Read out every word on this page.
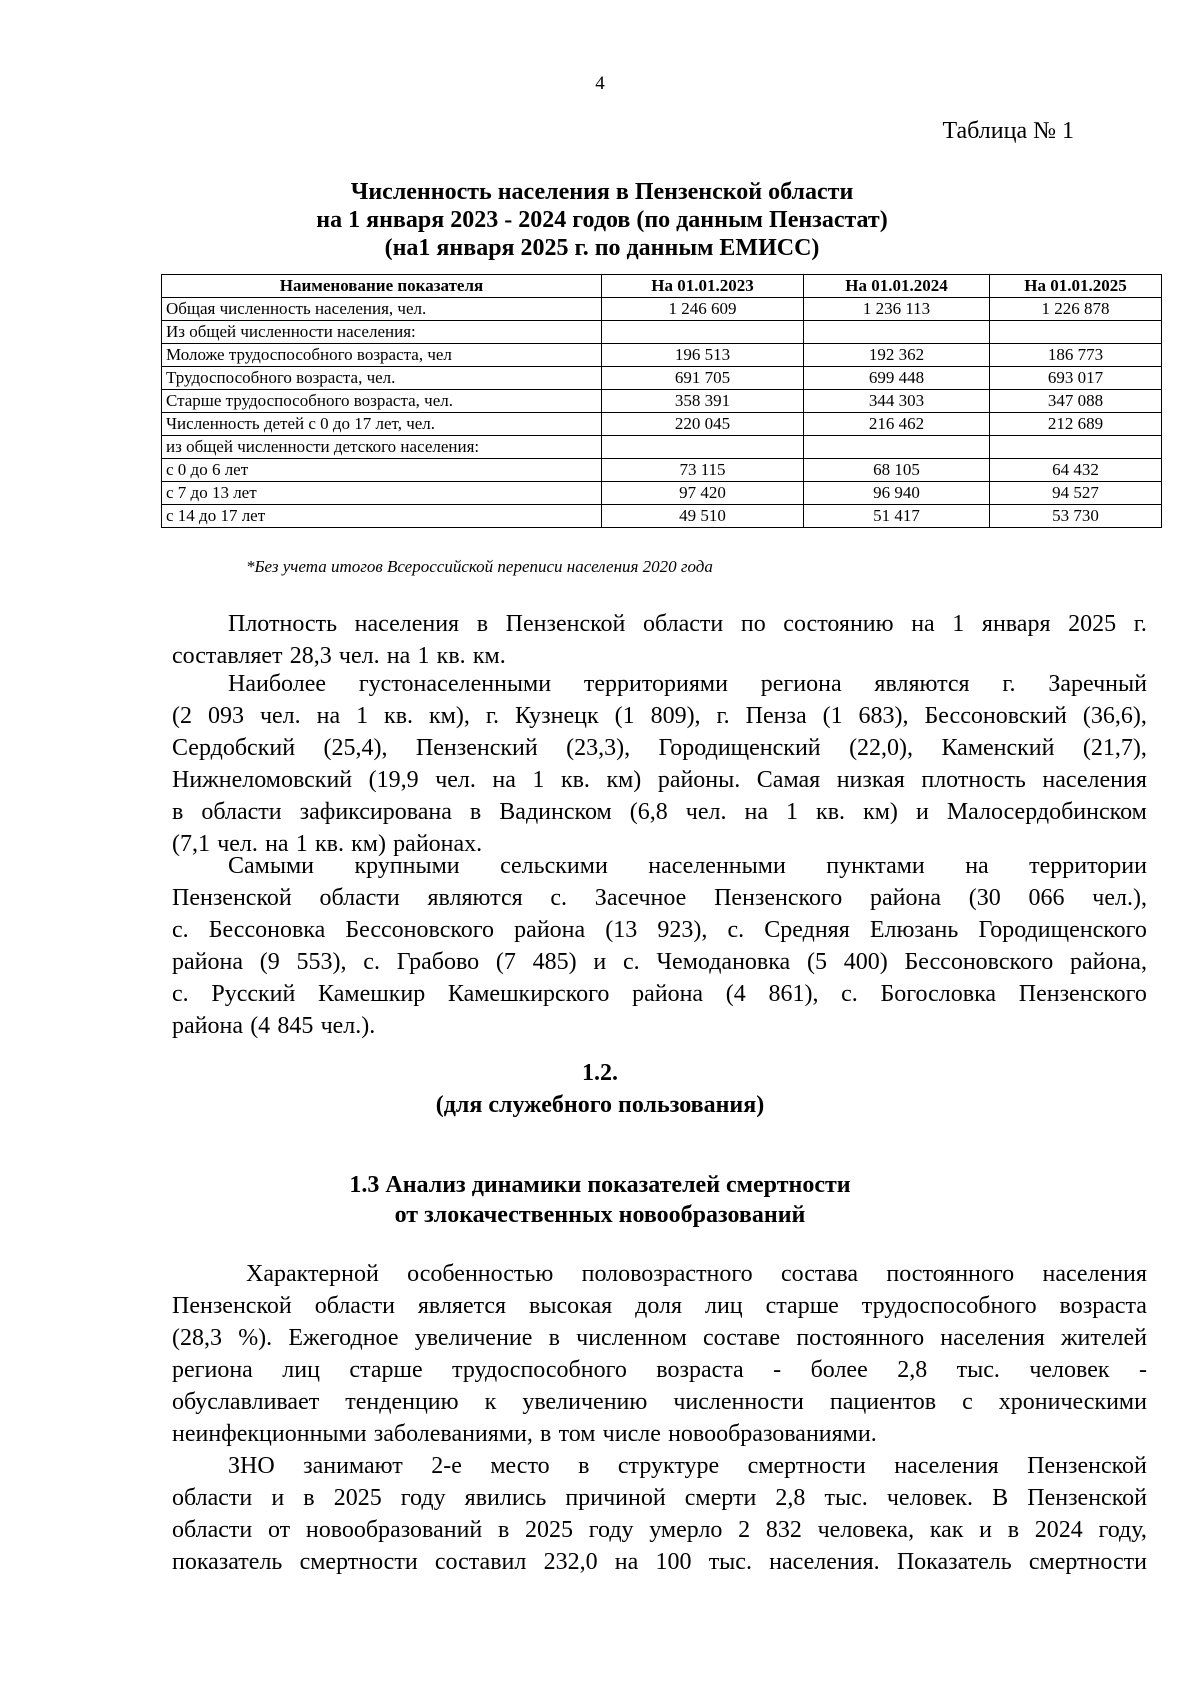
4
Таблица № 1
Численность населения в Пензенской области
на 1 января 2023 - 2024 годов (по данным Пензастат)
(на1 января 2025 г. по данным ЕМИСС)
Наименование показателя	На 01.01.2023	На 01.01.2024	На 01.01.2025
Общая численность населения, чел.	1 246 609	1 236 113	1 226 878
Из общей численности населения:			
Моложе трудоспособного возраста, чел	196 513	192 362	186 773
Трудоспособного возраста, чел.	691 705	699 448	693 017
Старше трудоспособного возраста, чел.	358 391	344 303	347 088
Численность детей с 0 до 17 лет, чел.	220 045	216 462	212 689
из общей численности детского населения:			
с 0 до 6 лет	73 115	68 105	64 432
с 7 до 13 лет	97 420	96 940	94 527
с 14 до 17 лет	49 510	51 417	53 730
*Без учета итогов Всероссийской переписи населения 2020 года
Плотность населения в Пензенской области по состоянию на 1 января 2025 г.
составляет 28,3 чел. на 1 кв. км.
Наиболее густонаселенными территориями региона являются г. Заречный
(2 093 чел. на 1 кв. км), г. Кузнецк (1 809), г. Пенза (1 683), Бессоновский (36,6),
Сердобский (25,4), Пензенский (23,3), Городищенский (22,0), Каменский (21,7),
Нижнеломовский (19,9 чел. на 1 кв. км) районы. Самая низкая плотность населения
в области зафиксирована в Вадинском (6,8 чел. на 1 кв. км) и Малосердобинском
(7,1 чел. на 1 кв. км) районах.
Самыми крупными сельскими населенными пунктами на территории
Пензенской области являются с. Засечное Пензенского района (30 066 чел.),
с. Бессоновка Бессоновского района (13 923), с. Средняя Елюзань Городищенского
района (9 553), с. Грабово (7 485) и с. Чемодановка (5 400) Бессоновского района,
с. Русский Камешкир Камешкирского района (4 861), с. Богословка Пензенского
района (4 845 чел.).
1.2.
(для служебного пользования)
1.3 Анализ динамики показателей смертности
от злокачественных новообразований
Характерной особенностью половозрастного состава постоянного населения
Пензенской области является высокая доля лиц старше трудоспособного возраста
(28,3 %). Ежегодное увеличение в численном составе постоянного населения жителей
региона лиц старше трудоспособного возраста - более 2,8 тыс. человек -
обуславливает тенденцию к увеличению численности пациентов с хроническими
неинфекционными заболеваниями, в том числе новообразованиями.
ЗНО занимают 2-е место в структуре смертности населения Пензенской
области и в 2025 году явились причиной смерти 2,8 тыс. человек. В Пензенской
области от новообразований в 2025 году умерло 2 832 человека, как и в 2024 году,
показатель смертности составил 232,0 на 100 тыс. населения. Показатель смертности
